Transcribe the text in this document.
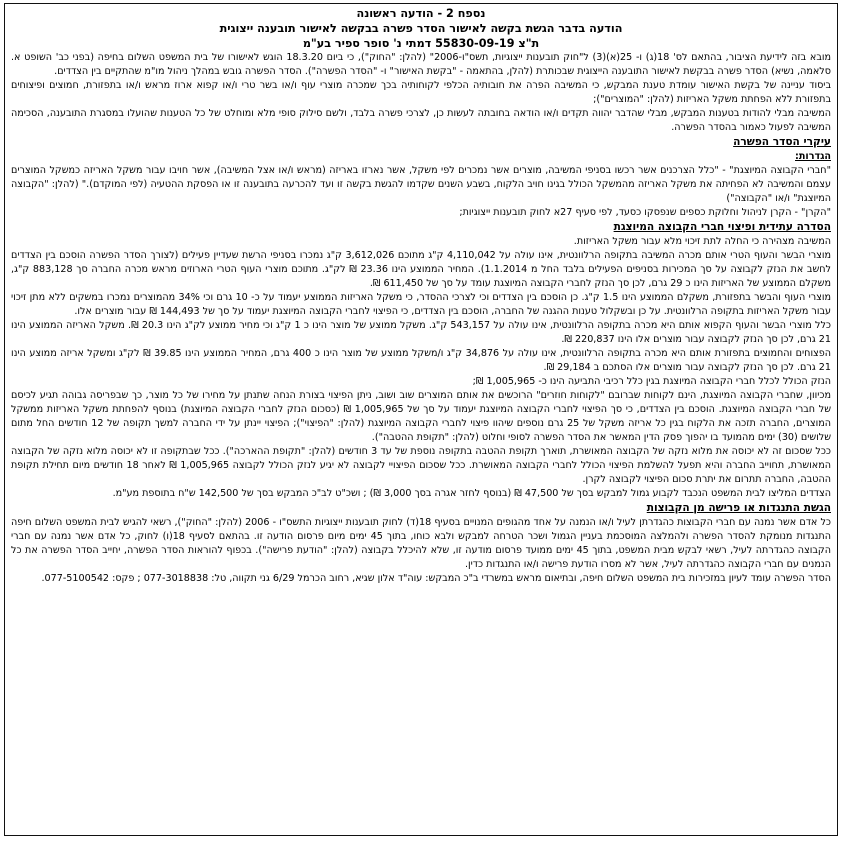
נספח 2 - הודעה ראשונה

הודעה בדבר הגשת בקשה לאישור הסדר פשרה בבקשה לאישור תובענה ייצוגית

ת"צ 55830-09-19 דמתי נ' סופר ספיר בע"מ

מובא בזה לידיעת הציבור, בהתאם לס' 18(ג) ו- 25(א)(3) ל"חוק תובענות ייצוגיות, תשס"ו-2006" (להלן: "החוק"), כי ביום 18.3.20 הוגש לאישורו של בית המשפט השלום בחיפה (בפני כב' השופט א. סלאמה, נשיא) הסדר פשרה בבקשת לאישור התובענה הייצוגית שבכותרת (להלן, בהתאמה - "בקשת האישור" ו- "הסדר הפשרה"). הסדר הפשרה גובש במהלך ניהול מו"מ שהתקיים בין הצדדים.

ביסוד עניינה של בקשת האישור עומדת טענת המבקש, כי המשיבה הפרה את חובותיה הכלפי לקוחותיה בכך שמכרה מוצרי עוף ו/או בשר טרי ו/או קפוא ארוז מראש ו/או בתפזורת, חמוצים ופיצוחים בתפזורת ללא הפחתת משקל האריזות (להלן: "המוצרים");

המשיבה מבלי להודות בטענות המבקש, מבלי שהדבר יהווה תקדים ו/או הודאה בחובתה לעשות כן, לצרכי פשרה בלבד, ולשם סילוק סופי מלא ומוחלט של כל הטענות שהועלו במסגרת התובענה, הסכימה המשיבה לפעול כאמור בהסדר הפשרה.

עיקרי הסדר הפשרה

הגדרות:

"חברי הקבוצה המיוצגת" - "כלל הצרכנים אשר רכשו בסניפי המשיבה, מוצרים אשר נמכרים לפי משקל, אשר נארזו באריזה (מראש ו/או אצל המשיבה), אשר חויבו עבור משקל האריזה כמשקל המוצרים עצמם והמשיבה לא הפחיתה את משקל האריזה מהמשקל הכולל בגינו חויב הלקוח, בשבע השנים שקדמו להגשת בקשה זו ועד להכרעה בתובענה זו או הפסקת ההטעיה (לפי המוקדם)." (להלן: "הקבוצה המיוצגת" ו/או "הקבוצה")

"הקרן" - הקרן לניהול וחלוקת כספים שנפסקו כסעד, לפי סעיף 27א לחוק תובענות ייצוגיות;

הסדרה עתידית ופיצוי חברי הקבוצה המיוצגת

המשיבה מצהירה כי החלה לתת זיכוי מלא עבור משקל האריזות.

מוצרי הבשר והעוף הטרי אותם מכרה המשיבה בתקופה הרלוונטית, אינו עולה על 4,110,042 ק"ג מתוכם 3,612,026 ק"ג נמכרו בסניפי הרשת שעדיין פעילים (לצורך הסדר הפשרה הוסכם בין הצדדים לחשב את הנזק לקבוצה על סך המכירות בסניפים הפעילים בלבד החל מ 1.1.2014). המחיר הממוצע הינו 23.36 ₪ לק"ג. מתוכם מוצרי העוף הטרי הארוזים מראש מכרה החברה סך 883,128 ק"ג, משקלם הממוצע של האריזות הינו כ 29 גרם, לכן סך הנזק לחברי הקבוצה המיוצגת עומד על סך של 611,450 ₪.

מוצרי העוף והבשר בתפזורת, משקלם הממוצע הינו 1.5 ק"ג. כן הוסכם בין הצדדים וכי לצרכי ההסדר, כי משקל האריזות הממוצע יעמוד על כ- 10 גרם וכי 34% מהמוצרים נמכרו במשקים ללא מתן זיכוי עבור משקל האריזות בתקופה הרלוונטית. על כן ובשקלול טענות ההגנה של החברה, הוסכם בין הצדדים, כי הפיצוי לחברי הקבוצה המיוצגת יעמוד על סך של 144,493 ₪ עבור מוצרים אלו.

כלל מוצרי הבשר והעוף הקפוא אותם היא מכרה בתקופה הרלוונטית, אינו עולה על 543,157 ק"ג. משקל ממוצע של מוצר הינו כ 1 ק"ג וכי מחיר ממוצע לק"ג הינו 20.3 ₪. משקל האריזה הממוצע הינו 21 גרם, לכן סך הנזק לקבוצה עבור מוצרים אלו הינו 220,837 ₪.

הפצוחים והחמוצים בתפזורת אותם היא מכרה בתקופה הרלוונטית, אינו עולה על 34,876 ק"ג ו/משקל ממוצע של מוצר הינו כ 400 גרם, המחיר הממוצע הינו 39.85 ₪ לק"ג ומשקל אריזה ממוצע הינו 21 גרם. לכן סך הנזק לקבוצה עבור מוצרים אלו הסתכם ב 29,184 ₪.

הנזק הכולל לכלל חברי הקבוצה המיוצגת בגין כלל רכיבי התביעה הינו כ- 1,005,965 ₪;

מכיוון, שחברי הקבוצה המיוצגת, הינם לקוחות שברובם "לקוחות חוזרים" הרוכשים את אותם המוצרים שוב ושוב, ניתן הפיצוי בצורת הנחה שתנתן על מחירו של כל מוצר, כך שבפריסה גבוהה תגיע לכיסם של חברי הקבוצה המיוצגת. הוסכם בין הצדדים, כי סך הפיצוי לחברי הקבוצה המיוצגת יעמוד על סך של 1,005,965 ₪ (כסכום הנזק לחברי הקבוצה המיוצגת) בנוסף להפחתת משקל האריזות ממשקל המוצרים, החברה תזכה את הלקוח בגין כל אריזה משקל של 25 גרם נוספים שיהוו פיצוי לחברי הקבוצה המיוצגת (להלן: "הפיצוי"); הפיצוי יינתן על ידי החברה למשך תקופה של 12 חודשים החל מתום שלושים (30) ימים מהמועד בו יהפוך פסק הדין המאשר את הסדר הפשרה לסופי וחלוט (להלן: "תקופת ההטבה").

ככל שסכום זה לא יכוסה את מלוא נזקה של הקבוצה המאושרת, תוארך תקופת ההטבה בתקופה נוספת של עד 3 חודשים (להלן: "תקופת ההארכה"). ככל שבתקופה זו לא יכוסה מלוא נזקה של הקבוצה המאושרת, תחוייב החברה והיא תפעל להשלמת הפיצוי הכולל לחברי הקבוצה המאושרת. ככל שסכום הפיצויי לקבוצה לא יגיע לנזק הכולל לקבוצה 1,005,965 ₪ לאחר 18 חודשים מיום תחילת תקופת ההטבה, החברה תתרום את יתרת סכום הפיצוי לקבוצה לקרן.

הצדדים המליצו לבית המשפט הנכבד לקבוע גמול למבקש בסך של 47,500 ₪ (בנוסף לחזר אגרה בסך 3,000 ₪) ; ושכ"ט לב"כ המבקש בסך של 142,500 ש"ח בתוספת מע"מ.

הגשת התנגדות או פרישה מן הקבוצות

כל אדם אשר נמנה עם חברי הקבוצות כהגדרתן לעיל ו/או הנמנה על אחד מהגופים המנויים בסעיף 18(ד) לחוק תובענות ייצוגיות התשס"ו - 2006 (להלן: "החוק"), רשאי להגיש לבית המשפט השלום חיפה התנגדות מנומקת להסדר הפשרה ולהמלצה המוסכמת בעניין הגמול ושכר הטרחה למבקש ולבא כוחו, בתוך 45 ימים מיום פרסום הודעה זו. בהתאם לסעיף 18(ו) לחוק, כל אדם אשר נמנה עם חברי הקבוצה כהגדרתה לעיל, רשאי לבקש מבית המשפט, בתוך 45 ימים ממועד פרסום מודעה זו, שלא להיכלל בקבוצה (להלן: "הודעת פרישה"). בכפוף להוראות הסדר הפשרה, יחייב הסדר הפשרה את כל הנמנים עם חברי הקבוצה כהגדרתה לעיל, אשר לא מסרו הודעת פרישה ו/או התנגדות כדין.

הסדר הפשרה עומד לעיון במזכירות בית המשפט השלום חיפה, ובתיאום מראש במשרדי ב"כ המבקש: עוה"ד אלון שגיא, רחוב הכרמל 6/29 גני תקווה, טל: 077-3018838 ; פקס: 077-5100542.
